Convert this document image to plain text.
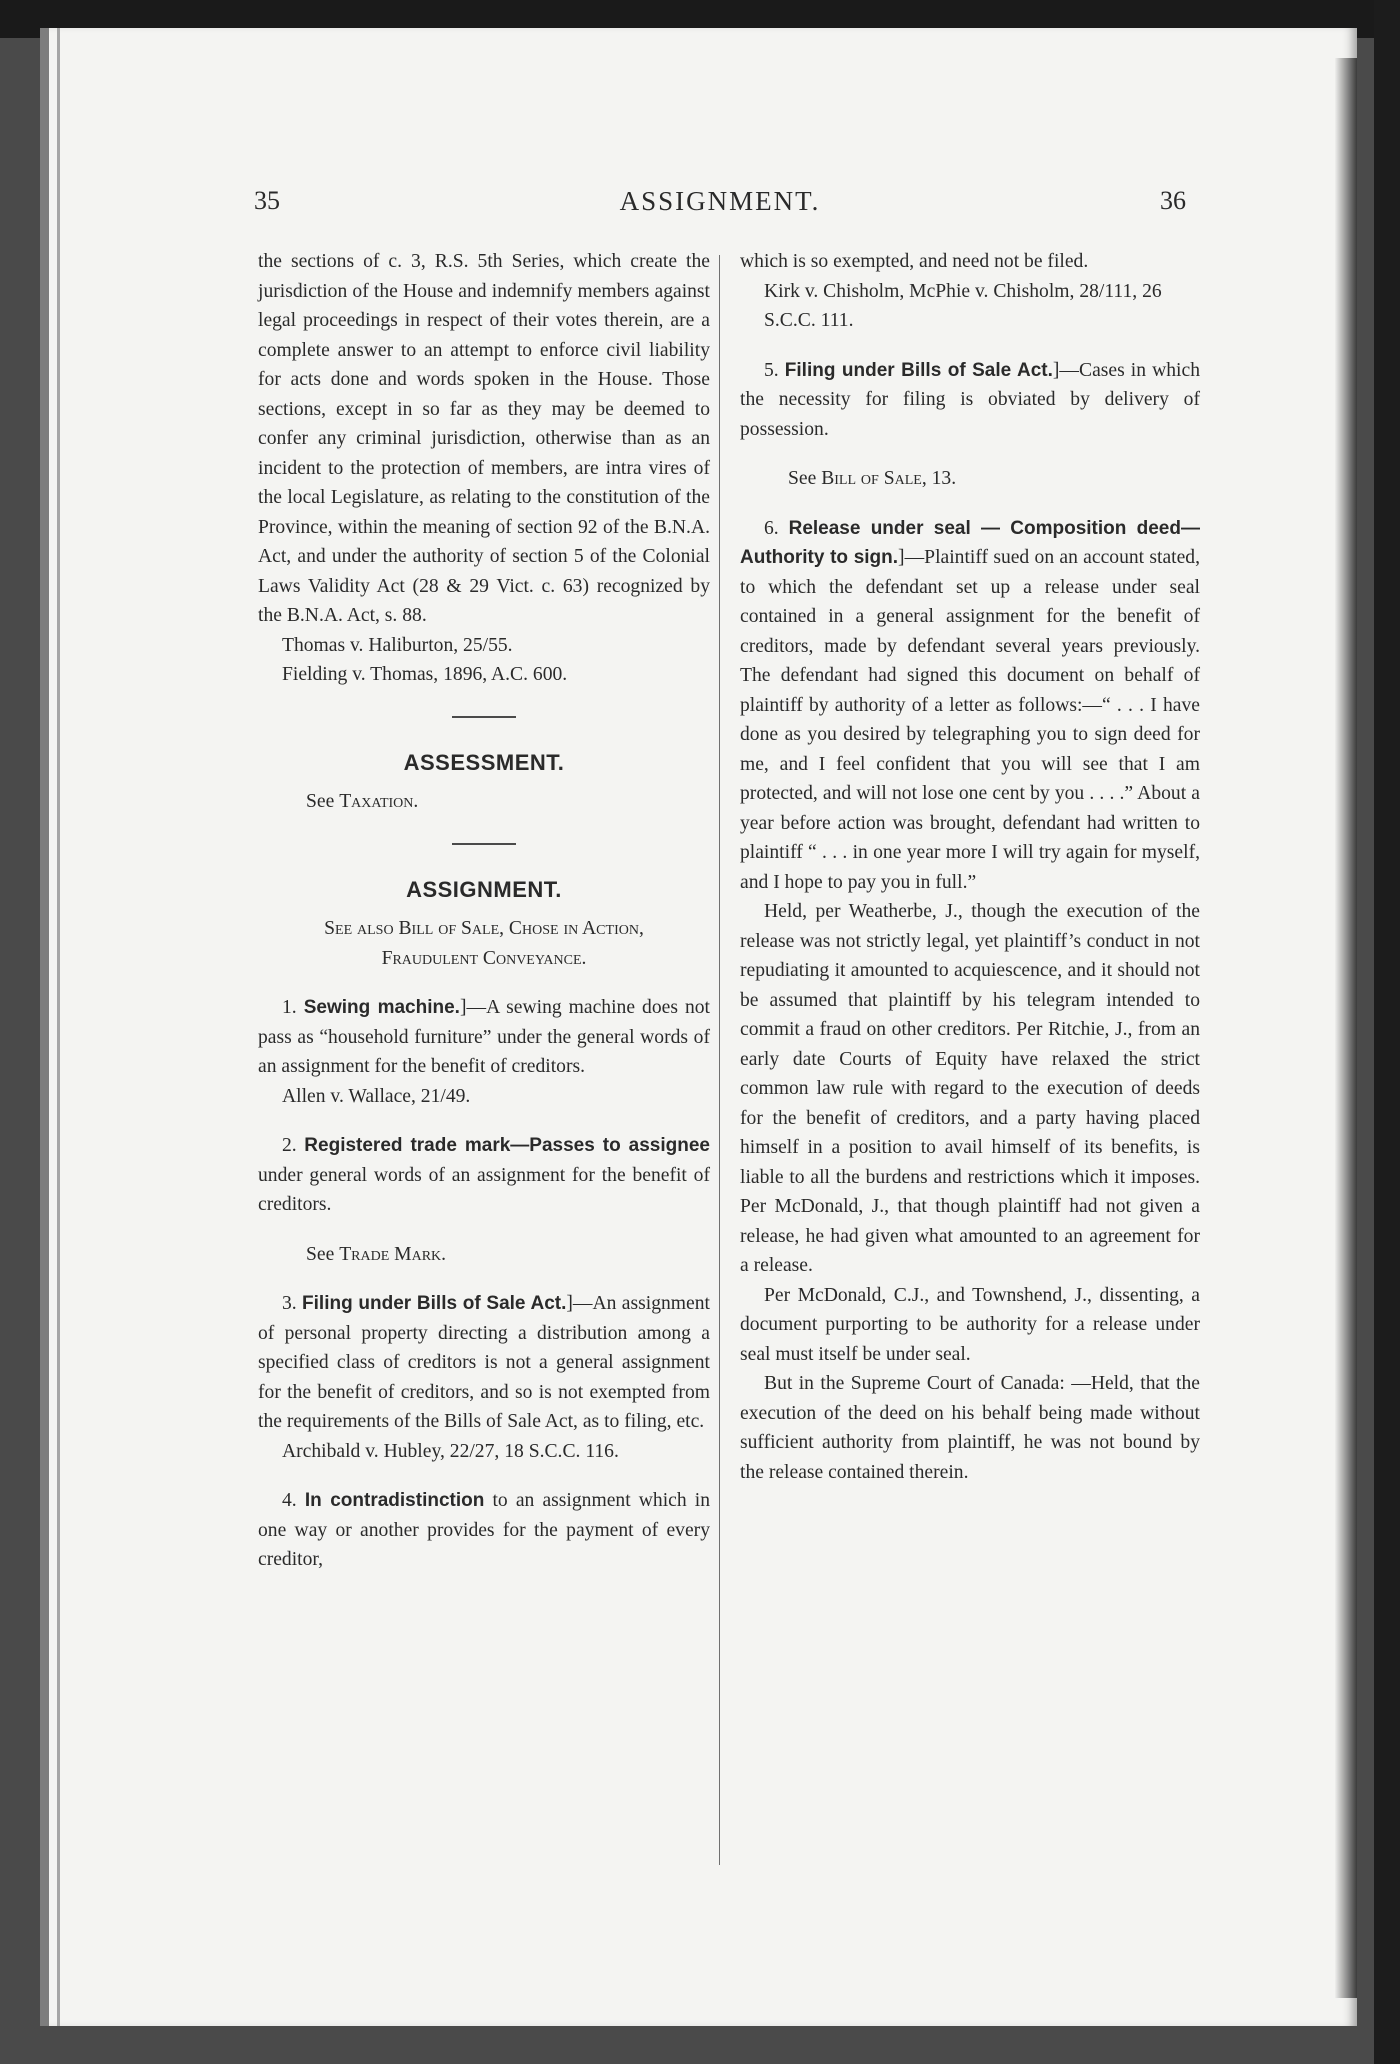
35	ASSIGNMENT.	36

the sections of c. 3, R.S. 5th Series, which create the jurisdiction of the House and indemnify members against legal proceedings in respect of their votes therein, are a complete answer to an attempt to enforce civil liability for acts done and words spoken in the House. Those sections, except in so far as they may be deemed to confer any criminal jurisdiction, otherwise than as an incident to the protection of members, are intra vires of the local Legislature, as relating to the constitution of the Province, within the meaning of section 92 of the B.N.A. Act, and under the authority of section 5 of the Colonial Laws Validity Act (28 & 29 Vict. c. 63) recognized by the B.N.A. Act, s. 88.

Thomas v. Haliburton, 25/55.

Fielding v. Thomas, 1896, A.C. 600.

ASSESSMENT.

See Taxation.

ASSIGNMENT.

See also Bill of Sale, Chose in Action,

Fraudulent Conveyance.

1. Sewing machine.]—A sewing machine does not pass as “household furniture” under the general words of an assignment for the benefit of creditors.

Allen v. Wallace, 21/49.

2. Registered trade mark—Passes to assignee under general words of an assignment for the benefit of creditors.

See Trade Mark.

3. Filing under Bills of Sale Act.]—An assignment of personal property directing a distribution among a specified class of creditors is not a general assignment for the benefit of creditors, and so is not exempted from the requirements of the Bills of Sale Act, as to filing, etc.

Archibald v. Hubley, 22/27, 18 S.C.C. 116.

4. In contradistinction to an assignment which in one way or another provides for the payment of every creditor,

which is so exempted, and need not be filed.

Kirk v. Chisholm, McPhie v. Chisholm, 28/111, 26 S.C.C. 111.

5. Filing under Bills of Sale Act.]—Cases in which the necessity for filing is obviated by delivery of possession.

See Bill of Sale, 13.

6. Release under seal — Composition deed—Authority to sign.]—Plaintiff sued on an account stated, to which the defendant set up a release under seal contained in a general assignment for the benefit of creditors, made by defendant several years previously. The defendant had signed this document on behalf of plaintiff by authority of a letter as follows:—“ . . . I have done as you desired by telegraphing you to sign deed for me, and I feel confident that you will see that I am protected, and will not lose one cent by you . . . .” About a year before action was brought, defendant had written to plaintiff “ . . . in one year more I will try again for myself, and I hope to pay you in full.”

Held, per Weatherbe, J., though the execution of the release was not strictly legal, yet plaintiff’s conduct in not repudiating it amounted to acquiescence, and it should not be assumed that plaintiff by his telegram intended to commit a fraud on other creditors. Per Ritchie, J., from an early date Courts of Equity have relaxed the strict common law rule with regard to the execution of deeds for the benefit of creditors, and a party having placed himself in a position to avail himself of its benefits, is liable to all the burdens and restrictions which it imposes. Per McDonald, J., that though plaintiff had not given a release, he had given what amounted to an agreement for a release.

Per McDonald, C.J., and Townshend, J., dissenting, a document purporting to be authority for a release under seal must itself be under seal.

But in the Supreme Court of Canada: —Held, that the execution of the deed on his behalf being made without sufficient authority from plaintiff, he was not bound by the release contained therein.
